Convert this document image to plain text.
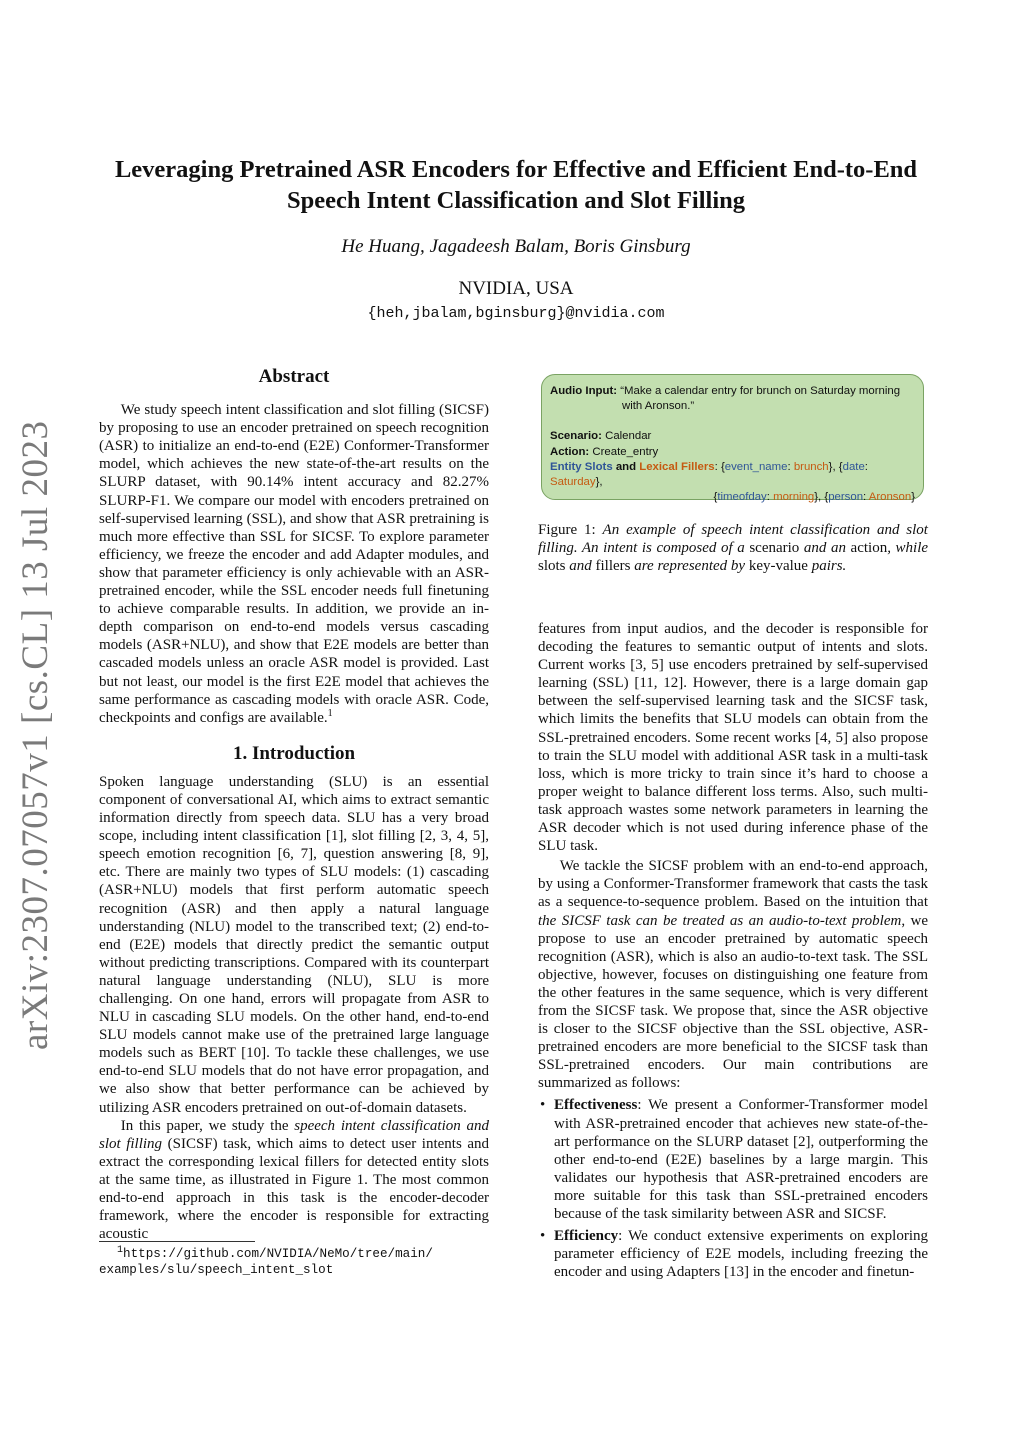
arXiv:2307.07057v1 [cs.CL] 13 Jul 2023
Leveraging Pretrained ASR Encoders for Effective and Efficient End-to-End
Speech Intent Classification and Slot Filling
He Huang, Jagadeesh Balam, Boris Ginsburg
NVIDIA, USA
{heh,jbalam,bginsburg}@nvidia.com
Abstract

We study speech intent classification and slot filling (SICSF) by proposing to use an encoder pretrained on speech recognition (ASR) to initialize an end-to-end (E2E) Conformer-Transformer model, which achieves the new state-of-the-art results on the SLURP dataset, with 90.14% intent accuracy and 82.27% SLURP-F1. We compare our model with encoders pretrained on self-supervised learning (SSL), and show that ASR pretraining is much more effective than SSL for SICSF. To explore parameter efficiency, we freeze the encoder and add Adapter modules, and show that parameter efficiency is only achievable with an ASR-pretrained encoder, while the SSL encoder needs full finetuning to achieve comparable results. In addition, we provide an in-depth comparison on end-to-end models versus cascading models (ASR+NLU), and show that E2E models are better than cascaded models unless an oracle ASR model is provided. Last but not least, our model is the first E2E model that achieves the same performance as cascading models with oracle ASR. Code, checkpoints and configs are available.$^1$

1. Introduction

Spoken language understanding (SLU) is an essential component of conversational AI, which aims to extract semantic information directly from speech data. SLU has a very broad scope, including intent classification [1], slot filling [2, 3, 4, 5], speech emotion recognition [6, 7], question answering [8, 9], etc. There are mainly two types of SLU models: (1) cascading (ASR+NLU) models that first perform automatic speech recognition (ASR) and then apply a natural language understanding (NLU) model to the transcribed text; (2) end-to-end (E2E) models that directly predict the semantic output without predicting transcriptions. Compared with its counterpart natural language understanding (NLU), SLU is more challenging. On one hand, errors will propagate from ASR to NLU in cascading SLU models. On the other hand, end-to-end SLU models cannot make use of the pretrained large language models such as BERT [10]. To tackle these challenges, we use end-to-end SLU models that do not have error propagation, and we also show that better performance can be achieved by utilizing ASR encoders pretrained on out-of-domain datasets.

In this paper, we study the speech intent classification and slot filling (SICSF) task, which aims to detect user intents and extract the corresponding lexical fillers for detected entity slots at the same time, as illustrated in Figure 1. The most common end-to-end approach in this task is the encoder-decoder framework, where the encoder is responsible for extracting acoustic

$^1$https://github.com/NVIDIA/NeMo/tree/main/
examples/slu/speech_intent_slot
Audio Input: “Make a calendar entry for brunch on Saturday morning
with Aronson.”
Scenario: Calendar
Action: Create_entry
Entity Slots and Lexical Fillers: {event_name: brunch}, {date: Saturday},
{timeofday: morning}, {person: Aronson}
Figure 1: An example of speech intent classification and slot filling. An intent is composed of a scenario and an action, while slots and fillers are represented by key-value pairs.

features from input audios, and the decoder is responsible for decoding the features to semantic output of intents and slots. Current works [3, 5] use encoders pretrained by self-supervised learning (SSL) [11, 12]. However, there is a large domain gap between the self-supervised learning task and the SICSF task, which limits the benefits that SLU models can obtain from the SSL-pretrained encoders. Some recent works [4, 5] also propose to train the SLU model with additional ASR task in a multi-task loss, which is more tricky to train since it’s hard to choose a proper weight to balance different loss terms. Also, such multi-task approach wastes some network parameters in learning the ASR decoder which is not used during inference phase of the SLU task.

We tackle the SICSF problem with an end-to-end approach, by using a Conformer-Transformer framework that casts the task as a sequence-to-sequence problem. Based on the intuition that the SICSF task can be treated as an audio-to-text problem, we propose to use an encoder pretrained by automatic speech recognition (ASR), which is also an audio-to-text task. The SSL objective, however, focuses on distinguishing one feature from the other features in the same sequence, which is very different from the SICSF task. We propose that, since the ASR objective is closer to the SICSF objective than the SSL objective, ASR-pretrained encoders are more beneficial to the SICSF task than SSL-pretrained encoders. Our main contributions are summarized as follows:

• Effectiveness: We present a Conformer-Transformer model with ASR-pretrained encoder that achieves new state-of-the-art performance on the SLURP dataset [2], outperforming the other end-to-end (E2E) baselines by a large margin. This validates our hypothesis that ASR-pretrained encoders are more suitable for this task than SSL-pretrained encoders because of the task similarity between ASR and SICSF.
• Efficiency: We conduct extensive experiments on exploring parameter efficiency of E2E models, including freezing the encoder and using Adapters [13] in the encoder and finetun-
